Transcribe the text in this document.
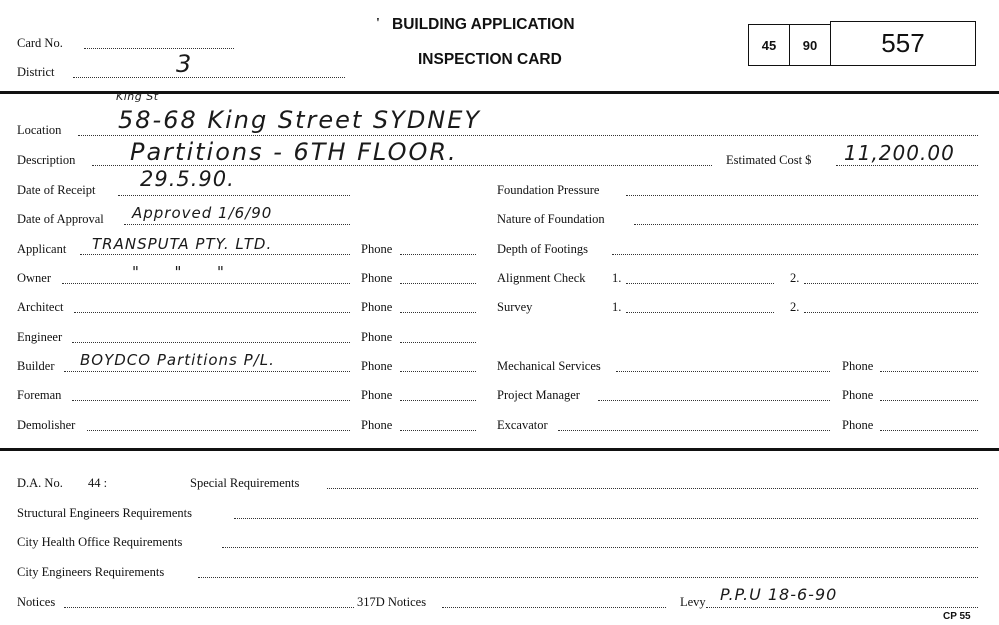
Card No.
District	3
BUILDING APPLICATION
INSPECTION CARD
'
45	90	557
Location
King St
58-68 King Street SYDNEY
Description Partitions - 6TH FLOOR.	Estimated Cost $ 11,200.00
Date of Receipt 29.5.90.
Date of Approval Approved 1/6/90
Applicant TRANSPUTA PTY. LTD.	Phone
Owner	"      "      "	Phone
Architect	Phone
Engineer	Phone
Builder BOYDCO Partitions P/L.	Phone
Foreman	Phone
Demolisher	Phone
Foundation Pressure
Nature of Foundation
Depth of Footings
Alignment Check 1.	2.
Survey	1.	2.
Mechanical Services	Phone
Project Manager	Phone
Excavator	Phone
D.A. No. 44 :	Special Requirements
Structural Engineers Requirements
City Health Office Requirements
City Engineers Requirements
Notices	317D Notices	Levy P.P.U 18-6-90
CP 55
